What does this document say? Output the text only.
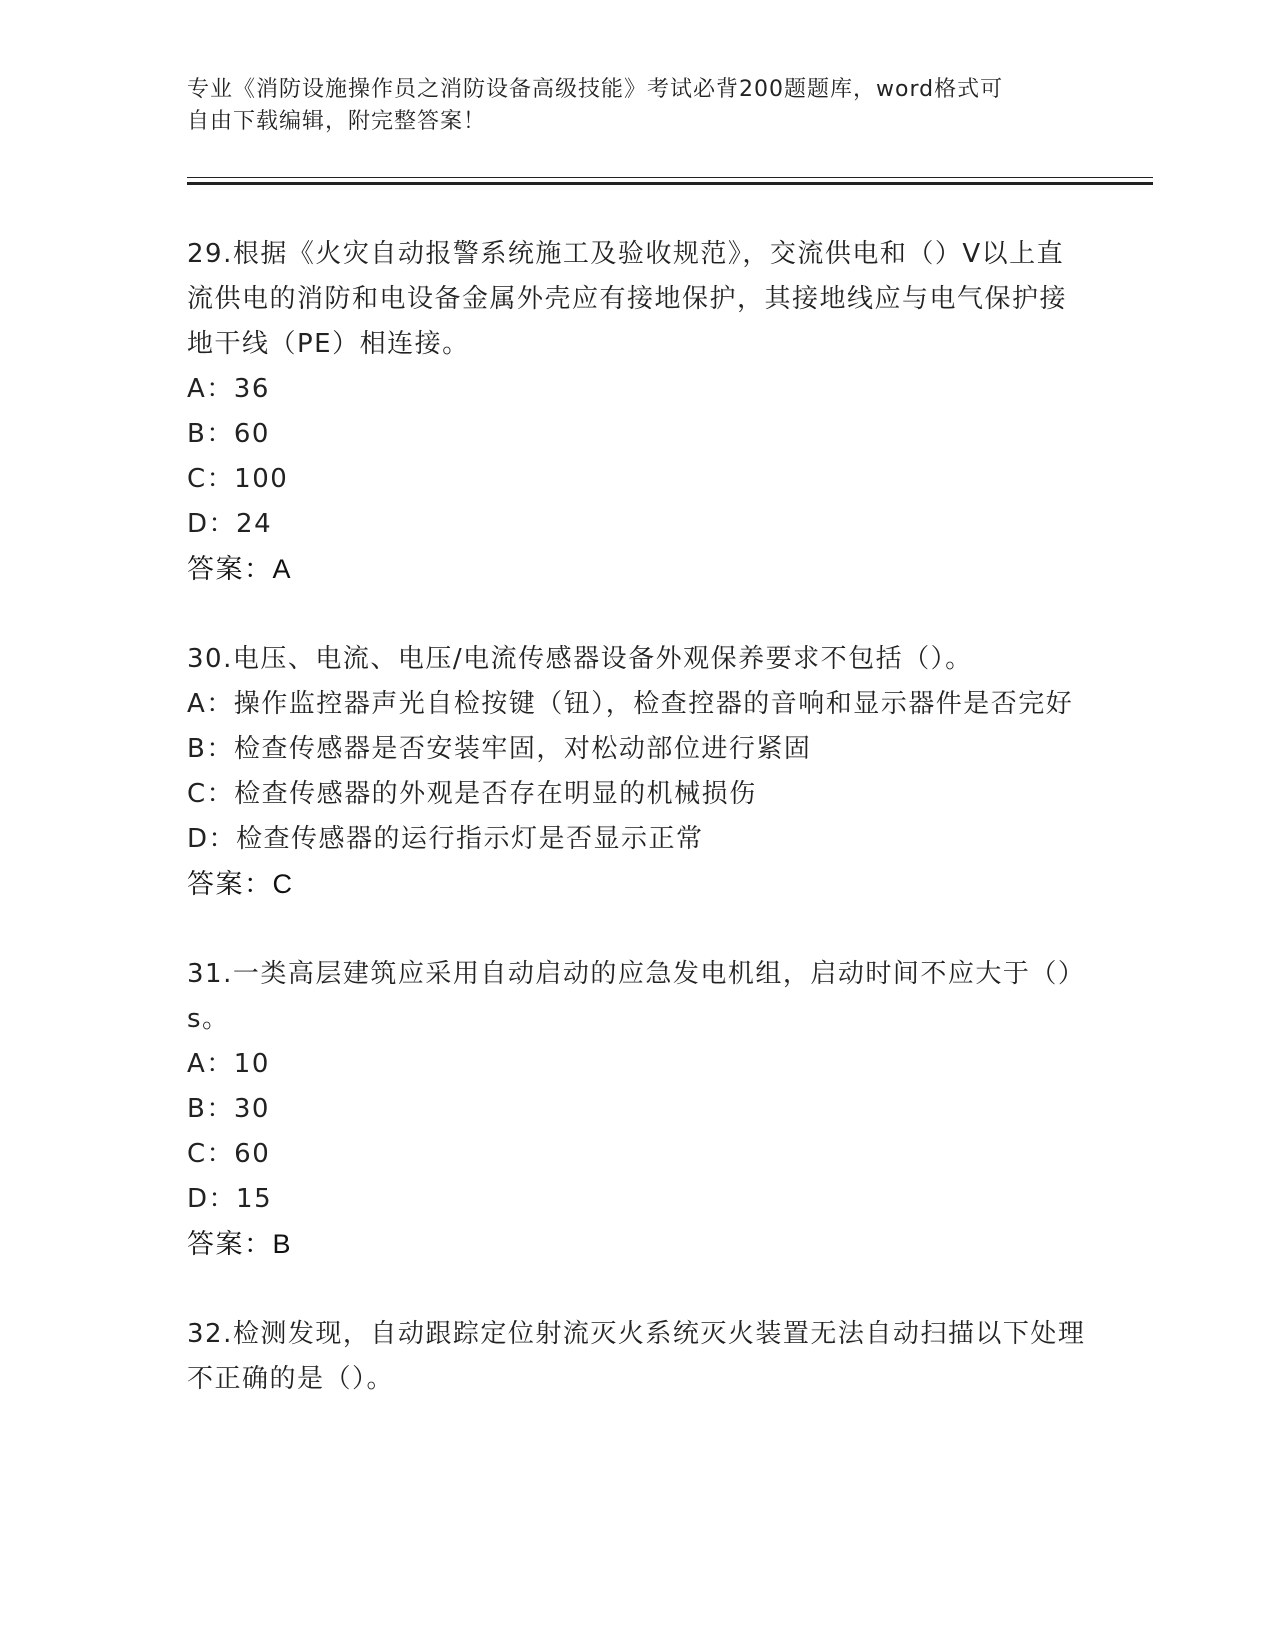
专业《消防设施操作员之消防设备高级技能》考试必背200题题库，word格式可
自由下载编辑，附完整答案！

29.根据《火灾自动报警系统施工及验收规范》，交流供电和（）V以上直流供电的消防和电设备金属外壳应有接地保护，其接地线应与电气保护接地干线（PE）相连接。

A：36

B：60

C：100

D：24

答案：A

30.电压、电流、电压/电流传感器设备外观保养要求不包括（）。

A：操作监控器声光自检按键（钮），检查控器的音响和显示器件是否完好

B：检查传感器是否安装牢固，对松动部位进行紧固

C：检查传感器的外观是否存在明显的机械损伤

D：检查传感器的运行指示灯是否显示正常

答案：C

31.一类高层建筑应采用自动启动的应急发电机组，启动时间不应大于（）s。

A：10

B：30

C：60

D：15

答案：B

32.检测发现，自动跟踪定位射流灭火系统灭火装置无法自动扫描以下处理不正确的是（）。
